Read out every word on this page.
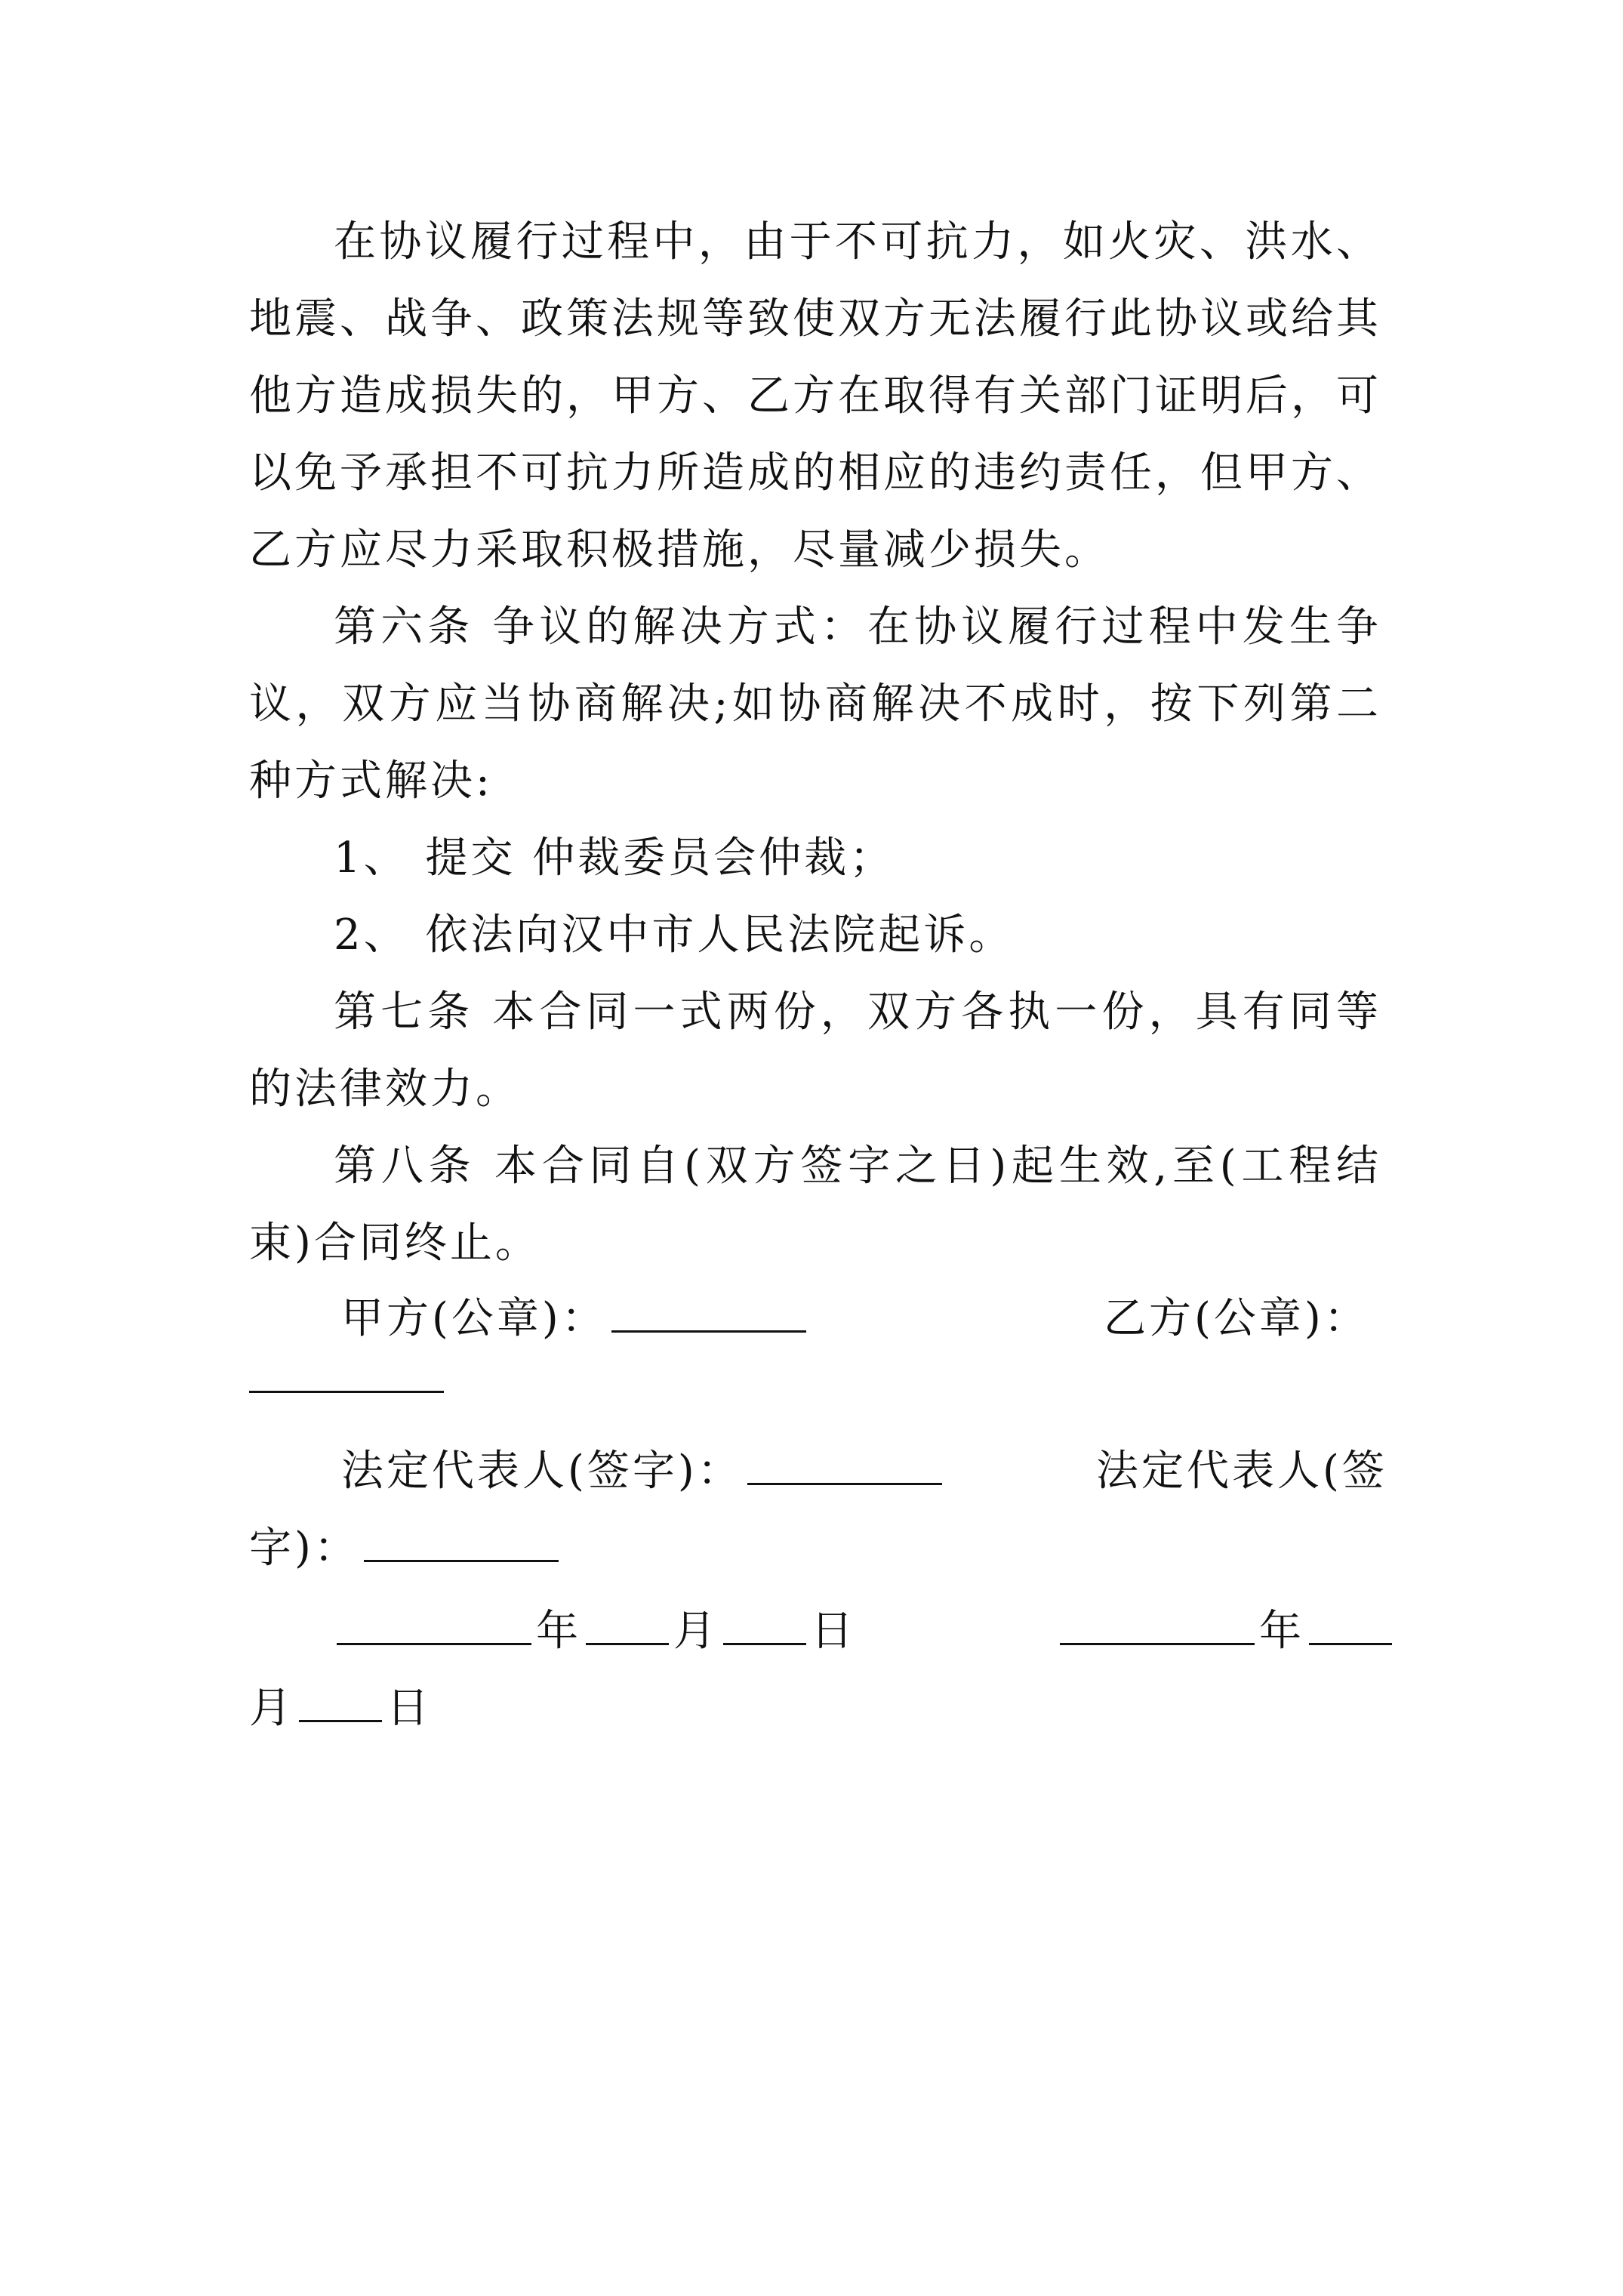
在协议履行过程中，由于不可抗力，如火灾、洪水、地震、战争、政策法规等致使双方无法履行此协议或给其他方造成损失的，甲方、乙方在取得有关部门证明后，可以免予承担不可抗力所造成的相应的违约责任，但甲方、乙方应尽力采取积极措施，尽量减少损失。
第六条 争议的解决方式：在协议履行过程中发生争议，双方应当协商解决;如协商解决不成时，按下列第二种方式解决:
1、 提交 仲裁委员会仲裁；
2、 依法向汉中市人民法院起诉。
第七条 本合同一式两份，双方各执一份，具有同等的法律效力。
第八条 本合同自(双方签字之日)起生效,至(工程结束)合同终止。
甲方(公章)：	乙方(公章)：
法定代表人(签字)：	法定代表人(签
字)：
年 月 日	年
月 日
